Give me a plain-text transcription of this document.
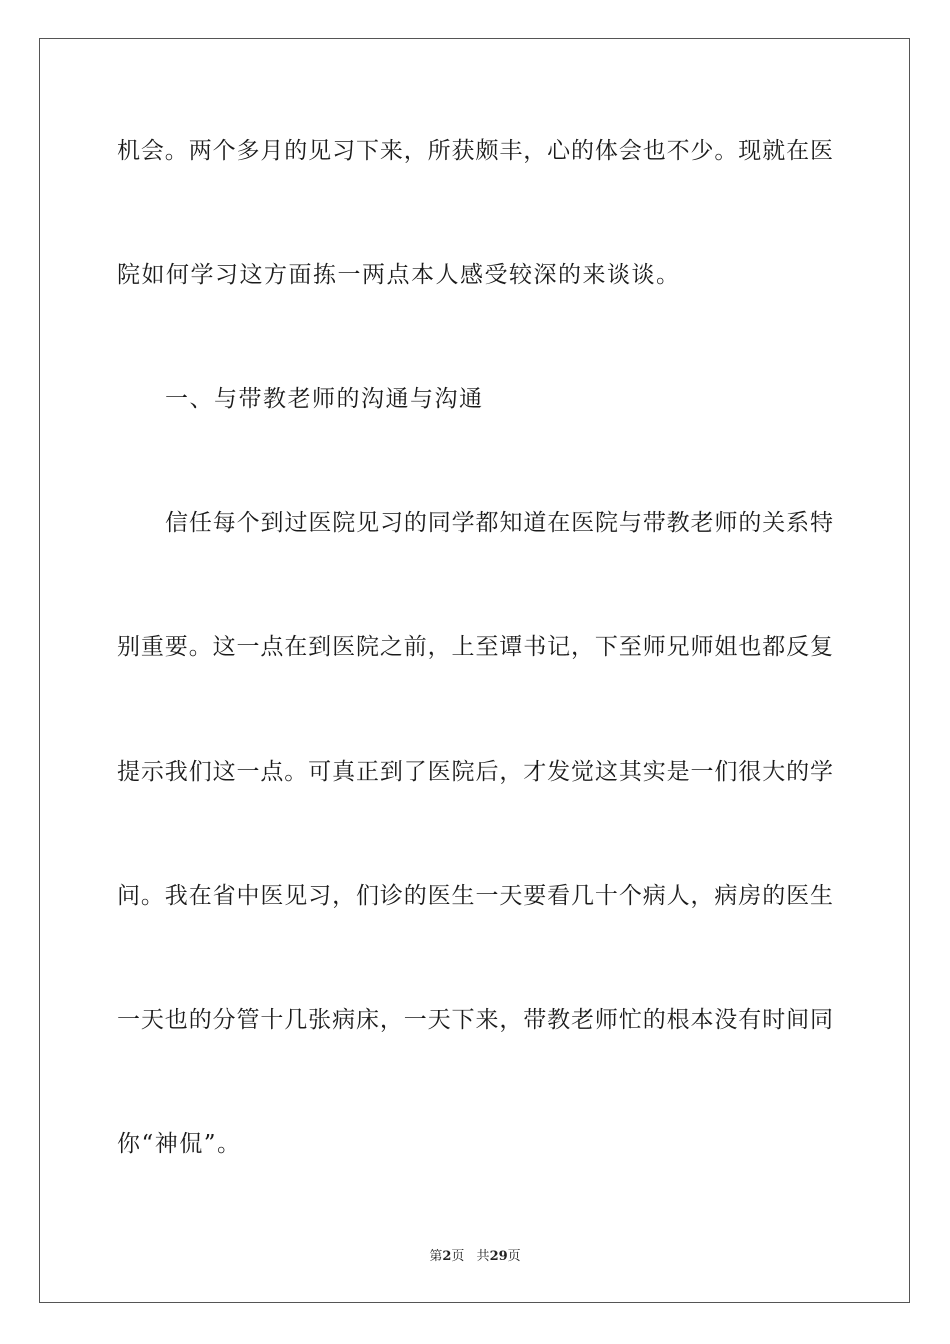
机会。两个多月的见习下来，所获颇丰，心的体会也不少。现就在医
院如何学习这方面拣一两点本人感受较深的来谈谈。
一、与带教老师的沟通与沟通
信任每个到过医院见习的同学都知道在医院与带教老师的关系特
别重要。这一点在到医院之前，上至谭书记，下至师兄师姐也都反复
提示我们这一点。可真正到了医院后，才发觉这其实是一们很大的学
问。我在省中医见习，们诊的医生一天要看几十个病人，病房的医生
一天也的分管十几张病床，一天下来，带教老师忙的根本没有时间同
你“神侃”。
第2页 共29页
